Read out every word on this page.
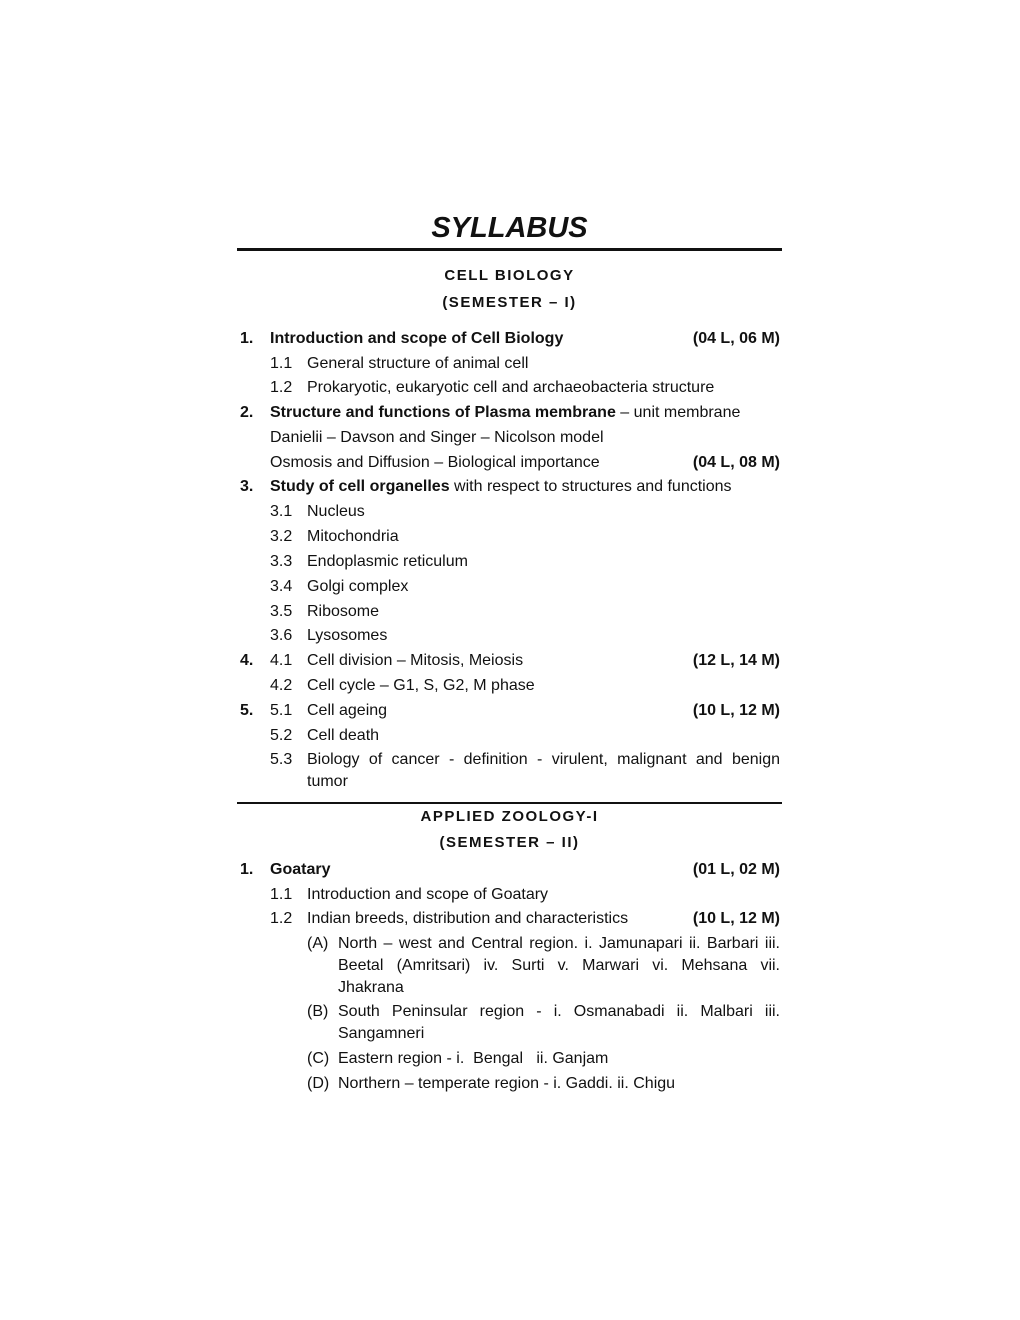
SYLLABUS
CELL BIOLOGY
(SEMESTER – I)
1. Introduction and scope of Cell Biology	(04 L, 06 M)
1.1 General structure of animal cell
1.2 Prokaryotic, eukaryotic cell and archaeobacteria structure
2. Structure and functions of Plasma membrane – unit membrane
Danielii – Davson and Singer – Nicolson model
Osmosis and Diffusion – Biological importance	(04 L, 08 M)
3. Study of cell organelles with respect to structures and functions
3.1 Nucleus
3.2 Mitochondria
3.3 Endoplasmic reticulum
3.4 Golgi complex
3.5 Ribosome
3.6 Lysosomes
4. 4.1 Cell division – Mitosis, Meiosis	(12 L, 14 M)
4.2 Cell cycle – G1, S, G2, M phase
5. 5.1 Cell ageing	(10 L, 12 M)
5.2 Cell death
5.3 Biology of cancer - definition - virulent, malignant and benign tumor
APPLIED ZOOLOGY-I
(SEMESTER – II)
1. Goatary	(01 L, 02 M)
1.1 Introduction and scope of Goatary
1.2 Indian breeds, distribution and characteristics	(10 L, 12 M)
(A) North – west and Central region. i. Jamunapari ii. Barbari iii. Beetal (Amritsari) iv. Surti v. Marwari vi. Mehsana vii. Jhakrana
(B) South Peninsular region - i. Osmanabadi ii. Malbari iii. Sangamneri
(C) Eastern region - i.  Bengal   ii. Ganjam
(D) Northern – temperate region - i. Gaddi. ii. Chigu
